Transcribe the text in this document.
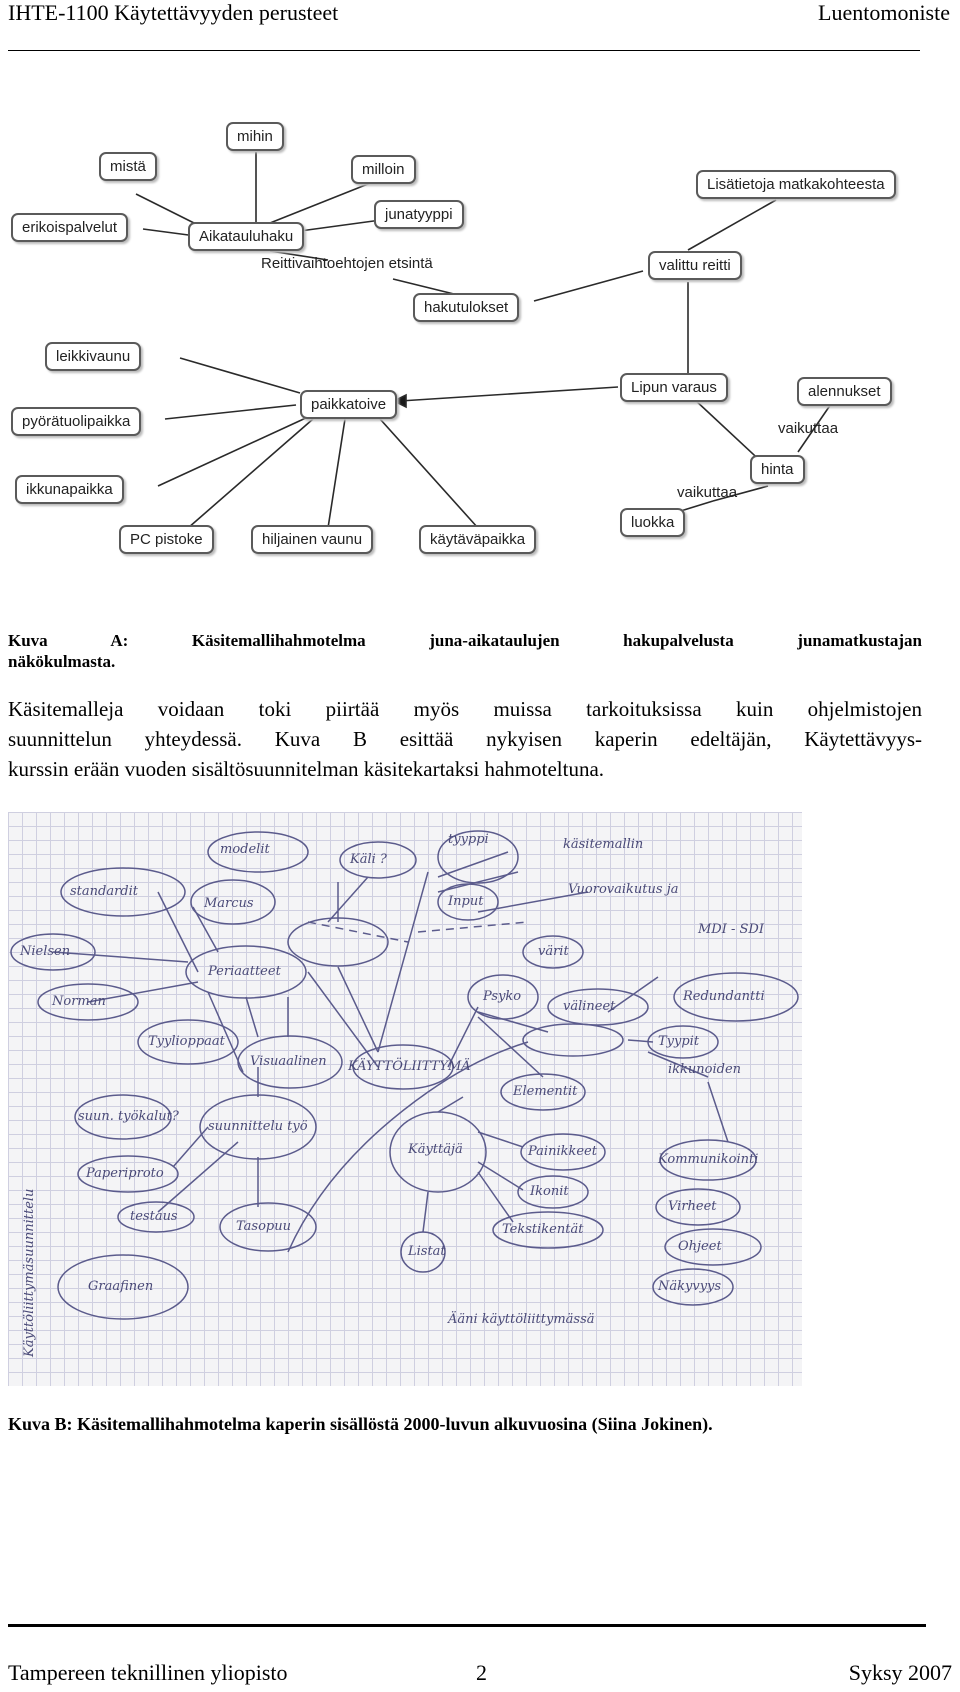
IHTE-1100 Käytettävyyden perusteet	Luentomoniste
mihin
mistä	milloin
junatyyppi
erikoispalvelut
Aikatauluhaku
Lisätietoja matkakohteesta
Reittivaihtoehtojen etsintä	valittu reitti
hakutulokset
leikkivaunu
Lipun varaus	alennukset
paikkatoive
pyörätuolipaikka	vaikuttaa
hinta
ikkunapaikka	vaikuttaa
luokka
PC pistoke	hiljainen vaunu	käytäväpaikka
Kuva A: Käsitemallihahmotelma juna-aikataulujen hakupalvelusta junamatkustajan
näkökulmasta.
Käsitemalleja voidaan toki piirtää myös muissa tarkoituksissa kuin ohjelmistojen
suunnittelun yhteydessä. Kuva B esittää nykyisen kaperin edeltäjän, Käytettävyys-
kurssin erään vuoden sisältösuunnitelman käsitekartaksi hahmoteltuna.
modelit
Käli ?
tyyppi	käsitemallin
standardit
Marcus	Input
Vuorovaikutus ja
Nielsen
Periaatteet
värit
MDI - SDI
Norman	Psyko
välineet
Redundantti
Tyylioppaat	Tyypit
ikkunoiden
Visuaalinen KÄYTTÖLIITTYMÄ
Elementit
suun. työkalut?
suunnittelu työ
Käyttäjä	Painikkeet
Kommunikointi
Paperiproto
Ikonit
Virheet
testaus
Tasopuu	Tekstikentät
Ohjeet
Listat
Graafinen	Näkyvyys
Ääni käyttöliittymässä
Käyttöliittymäsuunnittelu
Kuva B: Käsitemallihahmotelma kaperin sisällöstä 2000-luvun alkuvuosina (Siina Jokinen).
Tampereen teknillinen yliopisto	2	Syksy 2007
